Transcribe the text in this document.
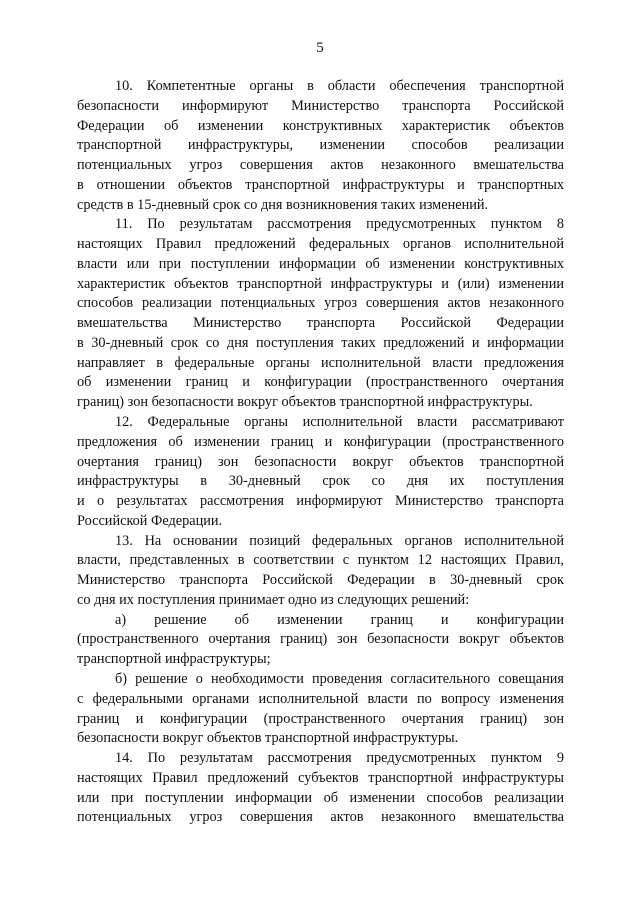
5
10. Компетентные органы в области обеспечения транспортной
безопасности информируют Министерство транспорта Российской
Федерации об изменении конструктивных характеристик объектов
транспортной инфраструктуры, изменении способов реализации
потенциальных угроз совершения актов незаконного вмешательства
в отношении объектов транспортной инфраструктуры и транспортных
средств в 15-дневный срок со дня возникновения таких изменений.
11. По результатам рассмотрения предусмотренных пунктом 8
настоящих Правил предложений федеральных органов исполнительной
власти или при поступлении информации об изменении конструктивных
характеристик объектов транспортной инфраструктуры и (или) изменении
способов реализации потенциальных угроз совершения актов незаконного
вмешательства Министерство транспорта Российской Федерации
в 30-дневный срок со дня поступления таких предложений и информации
направляет в федеральные органы исполнительной власти предложения
об изменении границ и конфигурации (пространственного очертания
границ) зон безопасности вокруг объектов транспортной инфраструктуры.
12. Федеральные органы исполнительной власти рассматривают
предложения об изменении границ и конфигурации (пространственного
очертания границ) зон безопасности вокруг объектов транспортной
инфраструктуры в 30-дневный срок со дня их поступления
и о результатах рассмотрения информируют Министерство транспорта
Российской Федерации.
13. На основании позиций федеральных органов исполнительной
власти, представленных в соответствии с пунктом 12 настоящих Правил,
Министерство транспорта Российской Федерации в 30-дневный срок
со дня их поступления принимает одно из следующих решений:
а) решение об изменении границ и конфигурации
(пространственного очертания границ) зон безопасности вокруг объектов
транспортной инфраструктуры;
б) решение о необходимости проведения согласительного совещания
с федеральными органами исполнительной власти по вопросу изменения
границ и конфигурации (пространственного очертания границ) зон
безопасности вокруг объектов транспортной инфраструктуры.
14. По результатам рассмотрения предусмотренных пунктом 9
настоящих Правил предложений субъектов транспортной инфраструктуры
или при поступлении информации об изменении способов реализации
потенциальных угроз совершения актов незаконного вмешательства
